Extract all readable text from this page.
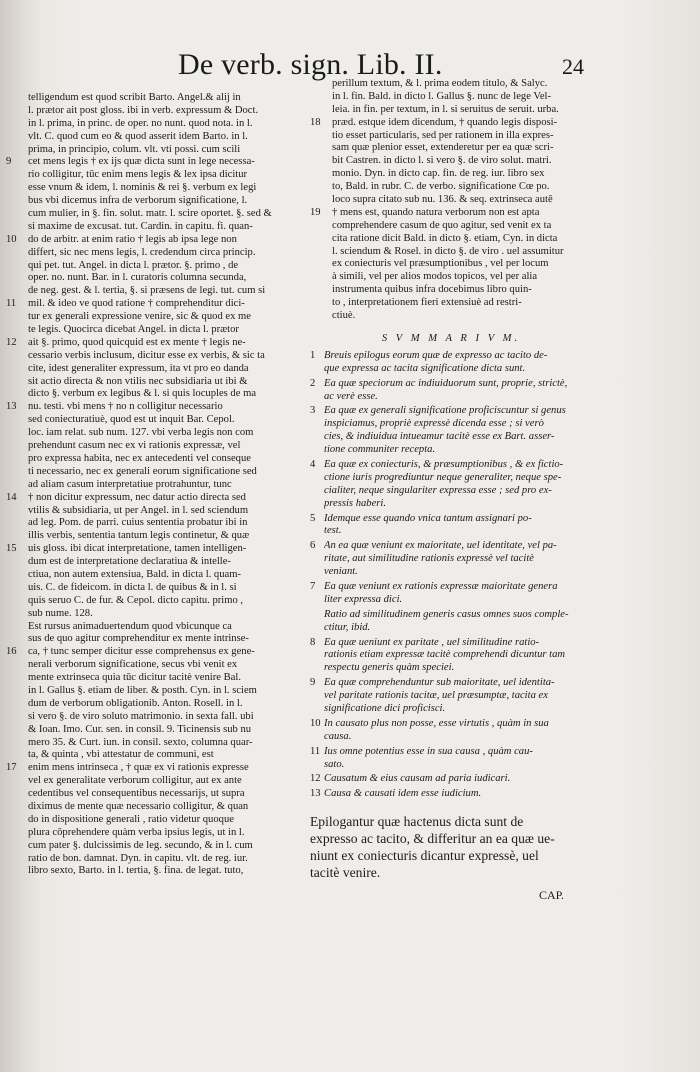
De verb. sign. Lib. II.	24
telligendum est quod scribit Barto. Angel.& alij in
l. prætor ait post gloss. ibi in verb. expressum & Doct.
in l. prima, in princ. de oper. no nunt. quod nota. in l.
vlt. C. quod cum eo & quod asserit idem Barto. in l.
prima, in principio, colum. vlt. vti possi. cum scili
9	cet mens legis † ex ijs quæ dicta sunt in lege necessa-
rio colligitur, tūc enim mens legis & lex ipsa dicitur
esse vnum & idem, l. nominis & rei §. verbum ex legi
bus vbi dicemus infra de verborum significatione, l.
cum mulier, in §. fin. solut. matr. l. scire oportet. §. sed &
si maxime de excusat. tut. Cardin. in capitu. fi. quan-
10	do de arbitr. at enim ratio † legis ab ipsa lege non
differt, sic nec mens legis, l. credendum circa princip.
qui pet. tut. Angel. in dicta l. prætor. §. primo , de
oper. no. nunt. Bar. in l. curatoris columna secunda,
de neg. gest. & l. tertia, §. si præsens de legi. tut. cum si
11	mil. & ideo ve quod ratione † comprehenditur dici-
tur ex generali expressione venire, sic & quod ex me
te legis. Quocirca dicebat Angel. in dicta l. prætor
12	ait §. primo, quod quicquid est ex mente † legis ne-
cessario verbis inclusum, dicitur esse ex verbis, & sic ta
cite, idest generaliter expressum, ita vt pro eo danda
sit actio directa & non vtilis nec subsidiaria ut ibi &
dicto §. verbum ex legibus & l. si quis locuples de ma
13	nu. testi. vbi mens † no n colligitur necessario
sed coniecturatiuè, quod est ut inquit Bar. Cepol.
loc. iam relat. sub num. 127. vbi verba legis non com
prehendunt casum nec ex vi rationis expressæ, vel
pro expressa habita, nec ex antecedenti vel conseque
ti necessario, nec ex generali eorum significatione sed
ad aliam casum interpretatiue protrahuntur, tunc
14	† non dicitur expressum, nec datur actio directa sed
vtilis & subsidiaria, ut per Angel. in l. sed sciendum
ad leg. Pom. de parri. cuius sententia probatur ibi in
illis verbis, sententia tantum legis continetur, & quæ
15	uis gloss. ibi dicat interpretatione, tamen intelligen-
dum est de interpretatione declaratiua & intelle-
ctiua, non autem extensiua, Bald. in dicta l. quam-
uis. C. de fideicom. in dicta l. de quibus & in l. si
quis seruo C. de fur. & Cepol. dicto capitu. primo ,
sub nume. 128.
Est rursus animaduertendum quod vbicunque ca
sus de quo agitur comprehenditur ex mente intrinse-
16	ca, † tunc semper dicitur esse comprehensus ex gene-
nerali verborum significatione, secus vbi venit ex
mente extrinseca quia tūc dicitur tacitè venire Bal.
in l. Gallus §. etiam de liber. & posth. Cyn. in l. sciem
dum de verborum obligationib. Anton. Rosell. in l.
si vero §. de viro soluto matrimonio. in sexta fall. ubi
& Ioan. Imo. Cur. sen. in consil. 9. Ticinensis sub nu
mero 35. & Curt. iun. in consil. sexto, columna quar-
ta, & quinta , vbi attestatur de communi, est
17	enim mens intrinseca , † quæ ex vi rationis expresse
vel ex generalitate verborum colligitur, aut ex ante
cedentibus vel consequentibus necessarijs, ut supra
diximus de mente quæ necessario colligitur, & quan
do in dispositione generali , ratio videtur quoque
plura cōprehendere quàm verba ipsius legis, ut in l.
cum pater §. dulcissimis de leg. secundo, & in l. cum
ratio de bon. damnat. Dyn. in capitu. vlt. de reg. iur.
libro sexto, Barto. in l. tertia, §. fina. de legat. tuto,
perillum textum, & l. prima eodem titulo, & Salyc.
in l. fin. Bald. in dicto l. Gallus §. nunc de lege Vel-
leia. in fin. per textum, in l. si seruitus de seruit. urba.
18	præd. estque idem dicendum, † quando legis disposi-
tio esset particularis, sed per rationem in illa expres-
sam quæ plenior esset, extenderetur per ea quæ scri-
bit Castren. in dicto l. si vero §. de viro solut. matri.
monio. Dyn. in dicto cap. fin. de reg. iur. libro sex
to, Bald. in rubr. C. de verbo. significatione Cœ po.
loco supra citato sub nu. 136. & seq. extrinseca autē
19	† mens est, quando natura verborum non est apta
comprehendere casum de quo agitur, sed venit ex ta
cita ratione dicit Bald. in dicto §. etiam, Cyn. in dicta
l. sciendum & Rosel. in dicto §. de viro . uel assumitur
ex coniecturis vel præsumptionibus , vel per locum
à simili, vel per alios modos topicos, vel per alia
instrumenta quibus infra docebimus libro quin-
to , interpretationem fieri extensiuè ad restri-
ctiuè.
S V M M A R I V M.
1 Breuis epilogus eorum quæ de expresso ac tacito de-
que expressa ac tacita significatione dicta sunt.
2 Ea quæ speciorum ac indiuiduorum sunt, proprie, strictè,
ac verè esse.
3 Ea quæ ex generali significatione proficiscuntur si genus
inspiciamus, propriè expressè dicenda esse ; si verò
cies, & indiuidua intueamur tacitè esse ex Bart. asser-
tione communiter recepta.
4 Ea quæ ex coniecturis, & præsumptionibus , & ex fictio-
ctione iuris progrediuntur neque generaliter, neque spe-
cialiter, neque singulariter expressa esse ; sed pro ex-
pressis haberi.
5 Idemque esse quando vnica tantum assignari po-
test.
6 An ea quæ veniunt ex maioritate, uel identitate, vel pa-
ritate, aut similitudine rationis expressè vel tacitè
veniant.
7 Ea quæ veniunt ex rationis expressæ maioritate genera
liter expressa dici.
Ratio ad similitudinem generis casus omnes suos comple-
ctitur, ibid.
8 Ea quæ ueniunt ex paritate , uel similitudine ratio-
rationis etiam expressæ tacitè comprehendi dicuntur tam
respectu generis quàm speciei.
9 Ea quæ comprehenduntur sub maioritate, uel identita-
vel paritate rationis tacitæ, uel præsumptæ, tacita ex
significatione dici proficisci.
10 In causato plus non posse, esse virtutis , quàm in sua
causa.
11 Ius omne potentius esse in sua causa , quàm cau-
sato.
12 Causatum & eius causam ad paria iudicari.
13 Causa & causati idem esse iudicium.
Epilogantur quæ hactenus dicta sunt de
expresso ac tacito, & differitur an ea quæ ue-
niunt ex coniecturis dicantur expressè, uel
tacitè venire.
CAP.
